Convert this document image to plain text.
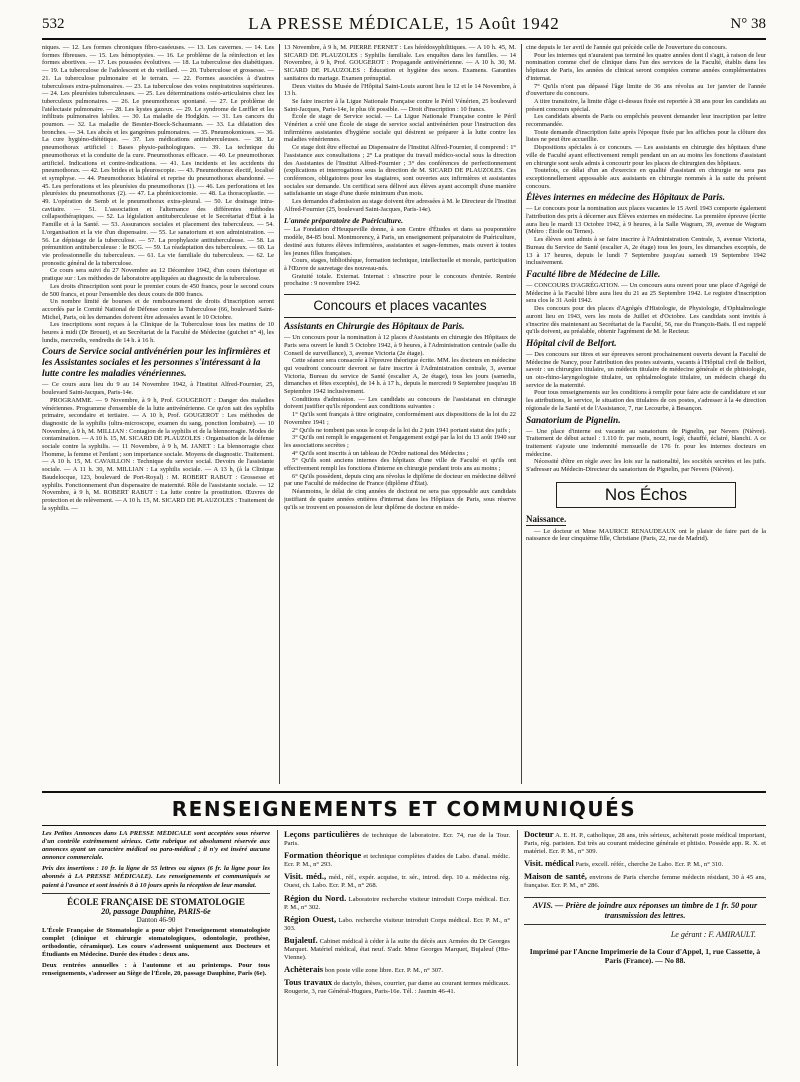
532	LA PRESSE MÉDICALE, 15 Août 1942	N° 38

niques. — 12. Les formes chroniques fibro-caséeuses. — 13. Les cavernes. — 14. Les formes fibreuses. — 15. Les hémoptysies. — 16. Le problème de la réinfection et les formes abortives. — 17. Les poussées évolutives. — 18. La tuberculose des diabétiques. — 19. La tuberculose de l'adolescent et du vieillard. — 20. Tuberculose et grossesse. — 21. La tuberculose pulmonaire et le terrain. — 22. Formes associées à d'autres tuberculoses extra-pulmonaires. — 23. La tuberculose des voies respiratoires supérieures. — 24. Les pleurésies tuberculeuses. — 25. Les déterminations ostéo-articulaires chez les tuberculeux pulmonaires. — 26. Le pneumothorax spontané. — 27. Le problème de l'atélectasie pulmonaire. — 28. Les kystes gazeux. — 29. Le syndrome de Lœffler et les infiltrats pulmonaires labiles. — 30. La maladie de Hodgkin. — 31. Les cancers du poumon. — 32. La maladie de Besnier-Boeck-Schaumann. — 33. La dilatation des bronches. — 34. Les abcès et les gangrènes pulmonaires. — 35. Pneumokonioses. — 36. La cure hygiéno-diététique. — 37. Les médications antituberculeuses. — 38. Le pneumothorax artificiel : Bases physio-pathologiques. — 39. La technique du pneumothorax et la conduite de la cure. Pneumothorax efficace. — 40. Le pneumothorax artificiel. Indications et contre-indications. — 41. Les incidents et les accidents du pneumothorax. — 42. Les brides et la pleuroscopie. — 43. Pneumothorax électif, localisé et symphyse. — 44. Pneumothorax bilatéral et reprise du pneumothorax abandonné. — 45. Les perforations et les pleurésies du pneumothorax (1). — 46. Les perforations et les pleurésies du pneumothorax (2). — 47. La phrénicectomie. — 48. La thoracoplastie. — 49. L'opération de Semb et le pneumothorax extra-pleural. — 50. Le drainage intra-cavitaire. — 51. L'association et l'alternance des différentes méthodes collapsothérapiques. — 52. La législation antituberculeuse et le Secrétariat d'État à la Famille et à la Santé. — 53. Assurances sociales et placement des tuberculeux. — 54. L'organisation et la vie d'un dispensaire. — 55. Le sanatorium et son administration. — 56. Le dépistage de la tuberculose. — 57. La prophylaxie antituberculeuse. — 58. La prémunition antituberculeuse : le BCG. — 59. La réadaptation des tuberculeux. — 60. La vie professionnelle du tuberculeux. — 61. La vie familiale du tuberculeux. — 62. Le pronostic général de la tuberculose.

Ce cours sera suivi du 27 Novembre au 12 Décembre 1942, d'un cours théorique et pratique sur : Les méthodes de laboratoire appliquées au diagnostic de la tuberculose.

Les droits d'inscription sont pour le premier cours de 450 francs, pour le second cours de 500 francs, et pour l'ensemble des deux cours de 800 francs.

Un nombre limité de bourses et de remboursement de droits d'inscription seront accordés par le Comité National de Défense contre la Tuberculose (66, boulevard Saint-Michel, Paris, où les demandes doivent être adressées avant le 10 Octobre.

Les inscriptions sont reçues à la Clinique de la Tuberculose tous les matins de 10 heures à midi (Dr Brouet), et au Secrétariat de la Faculté de Médecine (guichet n° 4), les lundis, mercredis, vendredis de 14 h. à 16 h.

Cours de Service social antivénérien pour les infirmières et les Assistantes sociales et les personnes s'intéressant à la lutte contre les maladies vénériennes.

— Ce cours aura lieu du 9 au 14 Novembre 1942, à l'Institut Alfred-Fournier, 25, boulevard Saint-Jacques, Paris-14e.

PROGRAMME. — 9 Novembre, à 9 h, Prof. GOUGEROT : Danger des maladies vénériennes. Programme d'ensemble de la lutte antivénérienne. Ce qu'on sait des syphilis primaire, secondaire et tertiaire. — A 10 h, Prof. GOUGEROT : Les méthodes de diagnostic de la syphilis (ultra-microscope, examen du sang, ponction lombaire). — 10 Novembre, à 9 h, M. MILLIAN : Contagion de la syphilis et de la blennorragie. Modes de contamination. — A 10 h. 15, M. SICARD DE PLAUZOLES : Organisation de la défense sociale contre la syphilis. — 11 Novembre, à 9 h, M. JANET : La blennorragie chez l'homme, la femme et l'enfant ; son importance sociale. Moyens de diagnostic. Traitement. — A 10 h. 15, M. CAVAILLON : Technique du service social. Devoirs de l'assistante sociale. — A 11 h. 30, M. MILLIAN : La syphilis sociale. — A 13 h, (à la Clinique Baudelocque, 123, boulevard de Port-Royal) : M. ROBERT RABUT : Grossesse et syphilis. Fonctionnement d'un dispensaire de maternité. Rôle de l'assistante sociale. — 12 Novembre, à 9 h, M. ROBERT RABUT : La lutte contre la prostitution. Œuvres de protection et de relèvement. — A 10 h. 15, M. SICARD DE PLAUZOLES : Traitement de la syphilis. —

13 Novembre, à 9 h, M. PIERRE FERNET : Les hérédosyphilitiques. — A 10 h. 45, M. SICARD DE PLAUZOLES : Syphilis familiale. Les enquêtes dans les familles. — 14 Novembre, à 9 h, Prof. GOUGEROT : Propagande antivénérienne. — A 10 h. 30, M. SICARD DE PLAUZOLES : Éducation et hygiène des sexes. Examens. Garanties sanitaires du mariage. Examen prénuptial.

Deux visites du Musée de l'Hôpital Saint-Louis auront lieu le 12 et le 14 Novembre, à 13 h.

Se faire inscrire à la Ligue Nationale Française contre le Péril Vénérien, 25 boulevard Saint-Jacques, Paris-14e, le plus tôt possible. — Droit d'inscription : 10 francs.

École de stage de Service social. — La Ligue Nationale Française contre le Péril Vénérien a créé une École de stage de service social antivénérien pour l'instruction des infirmières assistantes d'hygiène sociale qui désirent se préparer à la lutte contre les maladies vénériennes.

Ce stage doit être effectué au Dispensaire de l'Institut Alfred-Fournier, il comprend : 1° l'assistance aux consultations ; 2° La pratique du travail médico-social sous la direction des Assistantes de l'Institut Alfred-Fournier ; 3° des conférences de perfectionnement (explications et interrogations sous la direction de M. SICARD DE PLAUZOLES. Ces conférences, obligatoires pour les stagiaires, sont ouvertes aux infirmières et assistantes sociales sur demande. Un certificat sera délivré aux élèves ayant accompli d'une manière satisfaisante un stage d'une durée minimum d'un mois.

Les demandes d'admission au stage doivent être adressées à M. le Directeur de l'Institut Alfred-Fournier (25, boulevard Saint-Jacques, Paris-14e).

L'année préparatoire de Puériculture.

— La Fondation d'Heuqueville donne, à son Centre d'Études et dans sa pouponnière modèle, 84-85 boul. Montmorency, à Paris, un enseignement préparatoire de Puériculture, destiné aux futures élèves infirmières, assistantes et sages-femmes, mais ouvert à toutes les jeunes filles françaises.

Cours, stages, bibliothèque, formation technique, intellectuelle et morale, participation à l'Œuvre de sauvetage des nouveau-nés.

Gratuité totale. Externat. Internat : s'inscrire pour le concours d'entrée. Rentrée prochaine : 9 novembre 1942.

Concours et places vacantes
Assistants en Chirurgie des Hôpitaux de Paris.

— Un concours pour la nomination à 12 places d'Assistants en chirurgie des Hôpitaux de Paris sera ouvert le lundi 5 Octobre 1942, à 9 heures, à l'Administration centrale (salle du Conseil de surveillance), 3, avenue Victoria (2e étage).

Cette séance sera consacrée à l'épreuve théorique écrite. MM. les docteurs en médecine qui voudront concourir devront se faire inscrire à l'Administration centrale, 3, avenue Victoria, Bureau du service de Santé (escalier A, 2e étage), tous les jours (samedis, dimanches et fêtes exceptés), de 14 h. à 17 h., depuis le mercredi 9 Septembre jusqu'au 18 Septembre 1942 inclusivement.

Conditions d'admission. — Les candidats au concours de l'assistanat en chirurgie doivent justifier qu'ils répondent aux conditions suivantes :

1° Qu'ils sont français à titre originaire, conformément aux dispositions de la loi du 22 Novembre 1941 ;

2° Qu'ils ne tombent pas sous le coup de la loi du 2 juin 1941 portant statut des juifs ;

3° Qu'ils ont rempli le engagement et l'engagement exigé par la loi du 13 août 1940 sur les associations secrètes ;

4° Qu'ils sont inscrits à un tableau de l'Ordre national des Médecins ;

5° Qu'ils sont anciens internes des hôpitaux d'une ville de Faculté et qu'ils ont effectivement rempli les fonctions d'interne en chirurgie pendant trois ans au moins ;

6° Qu'ils possèdent, depuis cinq ans révolus le diplôme de docteur en médecine délivré par une Faculté de médecine de France (diplôme d'État).

Néanmoins, le délai de cinq années de doctorat ne sera pas opposable aux candidats justifiant de quatre années entières d'internat dans les Hôpitaux de Paris, sous réserve qu'ils se trouvent en possession de leur diplôme de docteur en méde-

cine depuis le 1er avril de l'année qui précède celle de l'ouverture du concours.

Pour les internes qui n'auraient pas terminé les quatre années dont il s'agit, à raison de leur nomination comme chef de clinique dans l'un des services de la Faculté, établis dans les hôpitaux de Paris, les années de clinicat seront comptées comme années complémentaires d'internat.

7° Qu'ils n'ont pas dépassé l'âge limite de 36 ans révolus au 1er janvier de l'année d'ouverture du concours.

A titre transitoire, la limite d'âge ci-dessus fixée est reportée à 38 ans pour les candidats au présent concours spécial.

Les candidats absents de Paris ou empêchés peuvent demander leur inscription par lettre recommandée.

Toute demande d'inscription faite après l'époque fixée par les affiches pour la clôture des listes ne peut être accueillie.

Dispositions spéciales à ce concours. — Les assistants en chirurgie des hôpitaux d'une ville de Faculté ayant effectivement rempli pendant un an au moins les fonctions d'assistant en chirurgie sont seuls admis à concourir pour les places de chirurgien des hôpitaux.

Toutefois, ce délai d'un an d'exercice en qualité d'assistant en chirurgie ne sera pas exceptionnellement appossable aux assistants en chirurgie nommés à la suite du présent concours.

Élèves internes en médecine des Hôpitaux de Paris.

— Le concours pour la nomination aux places vacantes le 15 Avril 1943 comporte également l'attribution des prix à décerner aux Élèves externes en médecine. La première épreuve (écrite aura lieu le mardi 13 Octobre 1942, à 9 heures, à la Salle Wagram, 39, avenue de Wagram (Métro : Étoile ou Ternes).

Les élèves sont admis à se faire inscrire à l'Administration Centrale, 3, avenue Victoria, Bureau du Service de Santé (escalier A, 2e étage) tous les jours, les dimanches exceptés, de 13 à 17 heures, depuis le lundi 7 Septembre jusqu'au samedi 19 Septembre 1942 inclusivement.

Faculté libre de Médecine de Lille.

— CONCOURS D'AGRÉGATION. — Un concours aura ouvert pour une place d'Agrégé de Médecine à la Faculté libre aura lieu du 21 au 25 Septembre 1942. Le registre d'inscription sera clos le 31 Août 1942.

Des concours pour des places d'Agrégés d'Histologie, de Physiologie, d'Ophtalmologie auront lieu en 1943, vers les mois de Juillet et d'Octobre. Les candidats sont invités à s'inscrire dès maintenant au Secrétariat de la Faculté, 56, rue du François-Baës. Il est rappelé qu'ils doivent, au préalable, obtenir l'agrément de M. le Recteur.

Hôpital civil de Belfort.

— Des concours sur titres et sur épreuves seront prochainement ouverts devant la Faculté de Médecine de Nancy, pour l'attribution des postes suivants, vacants à l'Hôpital civil de Belfort, savoir : un chirurgien titulaire, un médecin titulaire de médecine générale et de phtisiologie, un oto-rhino-laryngologiste titulaire, un ophtalmologiste titulaire, un médecin chargé du service de la maternité.

Pour tous renseignements sur les conditions à remplir pour faire acte de candidature et sur les attributions, le service, le situation des titulaires de ces postes, s'adresser à la 4e direction régionale de la Santé et de l'Assistance, 7, rue Lecourbe, à Besançon.

Sanatorium de Pignelin.

— Une place d'interne est vacante au sanatorium de Pignelin, par Nevers (Nièvre). Traitement de début actuel : 1.110 fr. par mois, nourri, logé, chauffé, éclairé, blanchi. A ce traitement s'ajoute une indemnité mensuelle de 176 fr. pour les internes docteurs en médecine.

Nécessité d'être en règle avec les lois sur la nationalité, les sociétés secrètes et les juifs. S'adresser au Médecin-Directeur du sanatorium de Pignelin, par Nevers (Nièvre).

Nos Échos
Naissance.

— Le docteur et Mme MAURICE RENAUDEAUX ont le plaisir de faire part de la naissance de leur cinquième fille, Christiane (Paris, 22, rue de Madrid).

RENSEIGNEMENTS ET COMMUNIQUÉS

Les Petites Annonces dans LA PRESSE MÉDICALE sont acceptées sous réserve d'un contrôle extrêmement sérieux. Cette rubrique est absolument réservée aux annonces ayant un caractère médical ou para-médical ; il n'y est inséré aucune annonce commerciale.

Prix des insertions : 10 fr. la ligne de 55 lettres ou signes (6 fr. la ligne pour les abonnés à LA PRESSE MÉDICALE). Les renseignements et communiqués se paient à l'avance et sont insérés 8 à 10 jours après la réception de leur mandat.

ÉCOLE FRANÇAISE DE STOMATOLOGIE
20, passage Dauphine, PARIS-6e
Danton 46-90

L'École Française de Stomatologie a pour objet l'enseignement stomatologiste complet (clinique et chirurgie stomatologiques, odontologie, prothèse, orthodontie, céramique). Les cours s'adressent uniquement aux Docteurs et Étudiants en Médecine. Durée des études : deux ans.

Deux rentrées annuelles : à l'automne et au printemps. Pour tous renseignements, s'adresser au Siège de l'École, 20, passage Dauphine, Paris (6e).

Leçons particulières de technique de laboratoire. Ecr. 74, rue de la Tour. Paris.

Formation théorique et technique complètes d'aides de Labo. d'anal. médic. Ecr. P. M., n° 293.

Visit. méd., méd., réf., expér. acquise, tr. sér., introd. dep. 10 a. médecins rég. Ouest, ch. Labo. Ecr. P. M., n° 268.

Région du Nord. Laboratoire recherche visiteur introduit Corps médical. Ecr. P. M., n° 302.

Région Ouest, Labo. recherche visiteur introduit Corps médical. Ecr. P. M., n° 303.

Bujaleuf. Cabinet médical à céder à la suite du décès aux Armées du Dr Georges Marquet. Matériel médical, état neuf. S'adr. Mme Georges Marquet, Bujaleuf (Hte-Vienne).

Achèterais bon poste ville zone libre. Ecr. P. M., n° 307.

Tous travaux de dactylo, thèses, courrier, par dame au courant termes médicaux. Rougerie, 3, rue Général-Hugues, Paris-16e. Tél. : Jasmin 46-41.

Docteur A. E. H. P., catholique, 28 ans, très sérieux, achèterait poste médical important, Paris, rég. parisien. Est très au courant médecine générale et phtisio. Possède app. R. X. et matériel. Ecr. P. M., n° 309.

Visit. médical Paris, excell. référ., cherche 2e Labo. Ecr. P. M., n° 310.

Maison de santé, environs de Paris cherche femme médecin résidant, 30 à 45 ans, française. Ecr. P. M., n° 286.

AVIS. — Prière de joindre aux réponses un timbre de 1 fr. 50 pour transmission des lettres.

Le gérant : F. AMIRAULT.

Imprimé par l'Ancne Imprimerie de la Cour d'Appel, 1, rue Cassette, à Paris (France). — No 88.
